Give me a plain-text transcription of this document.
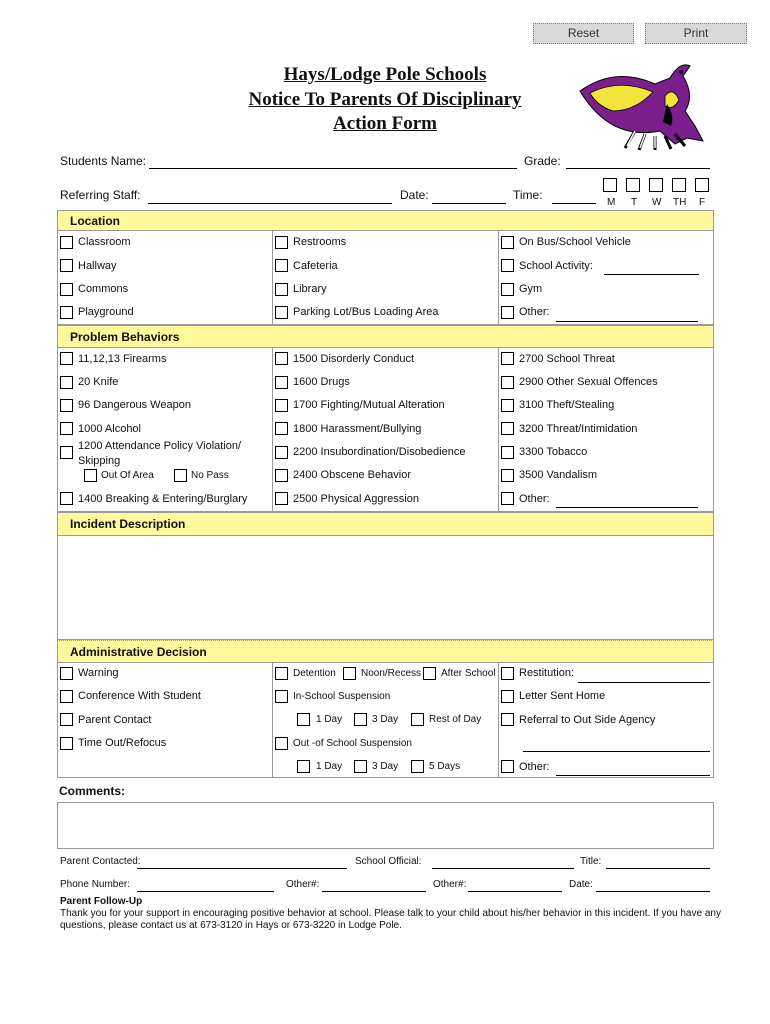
Reset	Print
Hays/Lodge Pole Schools
Notice To Parents Of Disciplinary
Action Form
Students Name:	Grade:
Referring Staff:	Date:	Time:
M T W TH F
Location
Classroom
Hallway
Commons
Playground
Restrooms
Cafeteria
Library
Parking Lot/Bus Loading Area
On Bus/School Vehicle
School Activity:
Gym
Other:
Problem Behaviors
11,12,13 Firearms
20 Knife
96 Dangerous Weapon
1000 Alcohol
1200 Attendance Policy Violation/
Skipping
Out Of Area	No Pass
1400 Breaking & Entering/Burglary
1500 Disorderly Conduct
1600 Drugs
1700 Fighting/Mutual Alteration
1800 Harassment/Bullying
2200 Insubordination/Disobedience
2400 Obscene Behavior
2500 Physical Aggression
2700 School Threat
2900 Other Sexual Offences
3100 Theft/Stealing
3200 Threat/Intimidation
3300 Tobacco
3500 Vandalism
Other:
Incident Description
Administrative Decision
Warning
Conference With Student
Parent Contact
Time Out/Refocus
Detention	Noon/Recess After School
In-School Suspension
1 Day	3 Day	Rest of Day
Out -of School Suspension
1 Day	3 Day	5 Days
Restitution:
Letter Sent Home
Referral to Out Side Agency
Other:
Comments:
Parent Contacted:	School Official:	Title:
Phone Number:	Other#:	Other#:	Date:
Parent Follow-Up
Thank you for your support in encouraging positive behavior at school. Please talk to your child about his/her behavior in this incident. If you have any
questions, please contact us at 673-3120 in Hays or 673-3220 in Lodge Pole.
